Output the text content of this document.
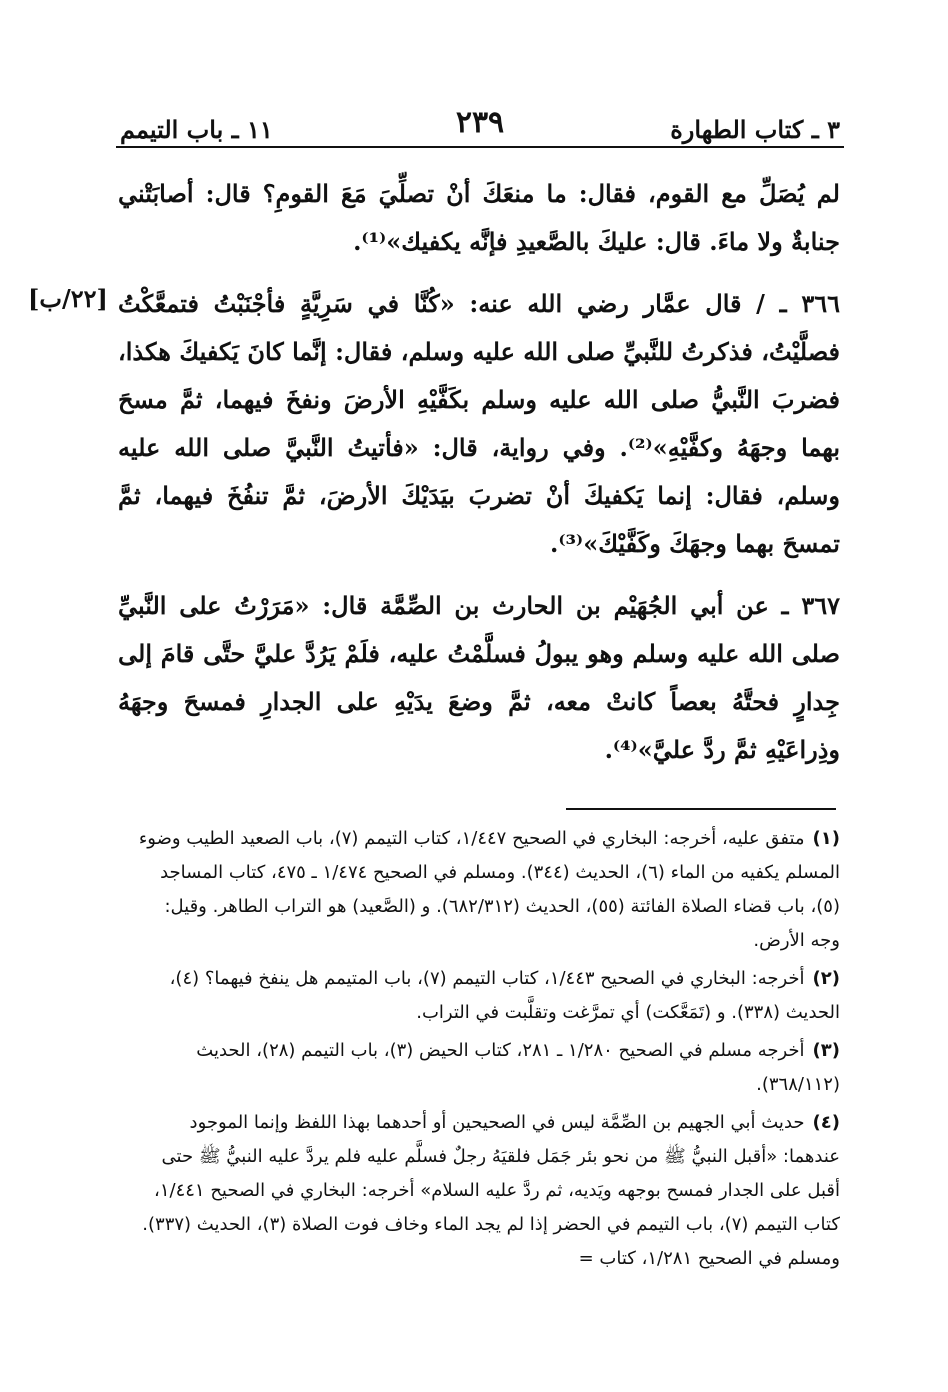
٣ ـ كتاب الطهارة
٢٣٩
١١ ـ باب التيمم
[٢٢/ب]

لم يُصَلِّ مع القوم، فقال: ما منعَكَ أنْ تصلِّيَ مَعَ القومِ؟ قال: أصابَتْني جنابةٌ ولا ماءَ. قال: عليكَ بالصَّعيدِ فإنَّه يكفيك»⁽¹⁾.

٣٦٦ ـ / قال عمَّار رضي الله عنه: «كُنَّا في سَرِيَّةٍ فأجْنَبْتُ فتمعَّكْتُ فصلَّيْتُ، فذكرتُ للنَّبيِّ صلى الله عليه وسلم، فقال: إنَّما كانَ يَكفيكَ هكذا، فضربَ النَّبيُّ صلى الله عليه وسلم بكَفَّيْهِ الأرضَ ونفخَ فيهما، ثمَّ مسحَ بهما وجهَهُ وكفَّيْهِ»⁽²⁾. وفي رواية، قال: «فأتيتُ النَّبيَّ صلى الله عليه وسلم، فقال: إنما يَكفيكَ أنْ تضربَ بيَدَيْكَ الأرضَ، ثمَّ تنفُخَ فيهما، ثمَّ تمسحَ بهما وجهَكَ وكَفَّيْكَ»⁽³⁾.

٣٦٧ ـ عن أبي الجُهَيْم بن الحارث بن الصِّمَّة قال: «مَرَرْتُ على النَّبيِّ صلى الله عليه وسلم وهو يبولُ فسلَّمْتُ عليه، فلَمْ يَرُدَّ عليَّ حتَّى قامَ إلى جِدارٍ فحتَّهُ بعصاً كانتْ معه، ثمَّ وضعَ يدَيْهِ على الجدارِ فمسحَ وجهَهُ وذِراعَيْهِ ثمَّ ردَّ عليَّ»⁽⁴⁾.

(١)متفق عليه، أخرجه: البخاري في الصحيح ١/٤٤٧، كتاب التيمم (٧)، باب الصعيد الطيب وضوء المسلم يكفيه من الماء (٦)، الحديث (٣٤٤). ومسلم في الصحيح ١/٤٧٤ ـ ٤٧٥، كتاب المساجد (٥)، باب قضاء الصلاة الفائتة (٥٥)، الحديث (٦٨٢/٣١٢). و (الصَّعيد) هو التراب الطاهر. وقيل: وجه الأرض.

(٢)أخرجه: البخاري في الصحيح ١/٤٤٣، كتاب التيمم (٧)، باب المتيمم هل ينفخ فيهما؟ (٤)، الحديث (٣٣٨). و (تَمَعَّكت) أي تمرَّغت وتقلَّبت في التراب.

(٣)أخرجه مسلم في الصحيح ١/٢٨٠ ـ ٢٨١، كتاب الحيض (٣)، باب التيمم (٢٨)، الحديث (٣٦٨/١١٢).

(٤)حديث أبي الجهيم بن الصِّمَّة ليس في الصحيحين أو أحدهما بهذا اللفظ وإنما الموجود عندهما: «أقبل النبيُّ ﷺ من نحو بئر جَمَل فلقيَهُ رجلٌ فسلَّم عليه فلم يردَّ عليه النبيُّ ﷺ حتى أقبل على الجدار فمسح بوجهه ويَديه، ثم ردَّ عليه السلام» أخرجه: البخاري في الصحيح ١/٤٤١، كتاب التيمم (٧)، باب التيمم في الحضر إذا لم يجد الماء وخاف فوت الصلاة (٣)، الحديث (٣٣٧). ومسلم في الصحيح ١/٢٨١، كتاب =
